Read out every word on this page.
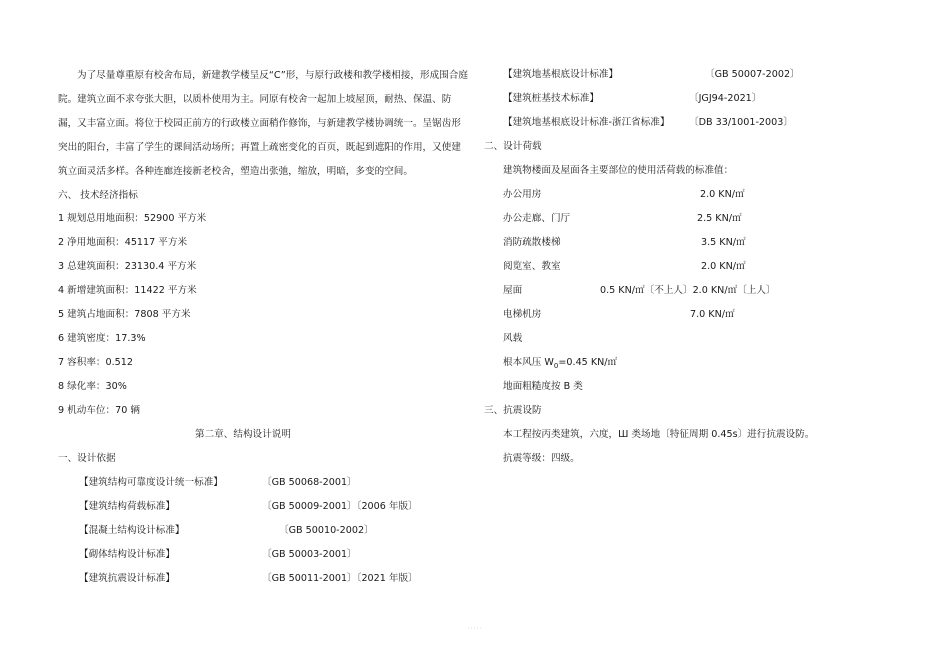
为了尽量尊重原有校舍布局，新建教学楼呈反“C”形，与原行政楼和教学楼相接，形成围合庭院。建筑立面不求夸张大胆，以质朴使用为主。同原有校舍一起加上坡屋顶，耐热、保温、防漏，又丰富立面。将位于校园正前方的行政楼立面稍作修饰，与新建教学楼协调统一。呈锯齿形突出的阳台，丰富了学生的课间活动场所；再置上疏密变化的百页，既起到遮阳的作用，又使建筑立面灵活多样。各种连廊连接新老校舍，塑造出张弛，缩放，明暗，多变的空间。
六、 技术经济指标
1 规划总用地面积：52900 平方米
2 净用地面积：45117 平方米
3 总建筑面积：23130.4 平方米
4 新增建筑面积：11422 平方米
5 建筑占地面积：7808 平方米
6 建筑密度：17.3%
7 容积率：0.512
8 绿化率：30%
9 机动车位：70 辆
第二章、结构设计说明
一、设计依据
【建筑结构可靠度设计统一标准】	〔GB 50068-2001〕
【建筑结构荷载标准】	〔GB 50009-2001〕〔2006 年版〕
【混凝土结构设计标准】	〔GB 50010-2002〕
【砌体结构设计标准】	〔GB 50003-2001〕
【建筑抗震设计标准】	〔GB 50011-2001〕〔2021 年版〕
【建筑地基根底设计标准】	〔GB 50007-2002〕
【建筑桩基技术标准】	〔JGJ94-2021〕
【建筑地基根底设计标准-浙江省标准】 〔DB 33/1001-2003〕
二、设计荷载
建筑物楼面及屋面各主要部位的使用活荷载的标准值：
办公用房	2.0 KN/㎡
办公走廊、门厅	2.5 KN/㎡
消防疏散楼梯	3.5 KN/㎡
阅览室、教室	2.0 KN/㎡
屋面	0.5 KN/㎡〔不上人〕2.0 KN/㎡〔上人〕
电梯机房	7.0 KN/㎡
风载
根本风压 $W_0=0.45$ KN/㎡
地面粗糙度按 B 类
三、抗震设防
本工程按丙类建筑，六度，Ш 类场地〔特征周期 0.45s〕进行抗震设防。
抗震等级：四级。
